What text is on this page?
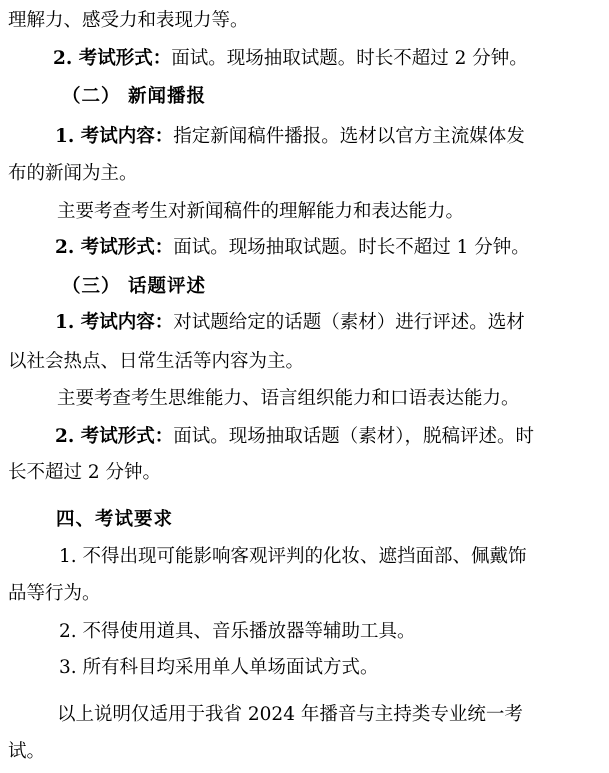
理解力、感受力和表现力等。
2. 考试形式：面试。现场抽取试题。时长不超过 2 分钟。
（二） 新闻播报
1. 考试内容：指定新闻稿件播报。选材以官方主流媒体发
布的新闻为主。
主要考查考生对新闻稿件的理解能力和表达能力。
2. 考试形式：面试。现场抽取试题。时长不超过 1 分钟。
（三） 话题评述
1. 考试内容：对试题给定的话题（素材）进行评述。选材
以社会热点、日常生活等内容为主。
主要考查考生思维能力、语言组织能力和口语表达能力。
2. 考试形式：面试。现场抽取话题（素材），脱稿评述。时
长不超过 2 分钟。
四、考试要求
1. 不得出现可能影响客观评判的化妆、遮挡面部、佩戴饰
品等行为。
2. 不得使用道具、音乐播放器等辅助工具。
3. 所有科目均采用单人单场面试方式。
以上说明仅适用于我省 2024 年播音与主持类专业统一考
试。
